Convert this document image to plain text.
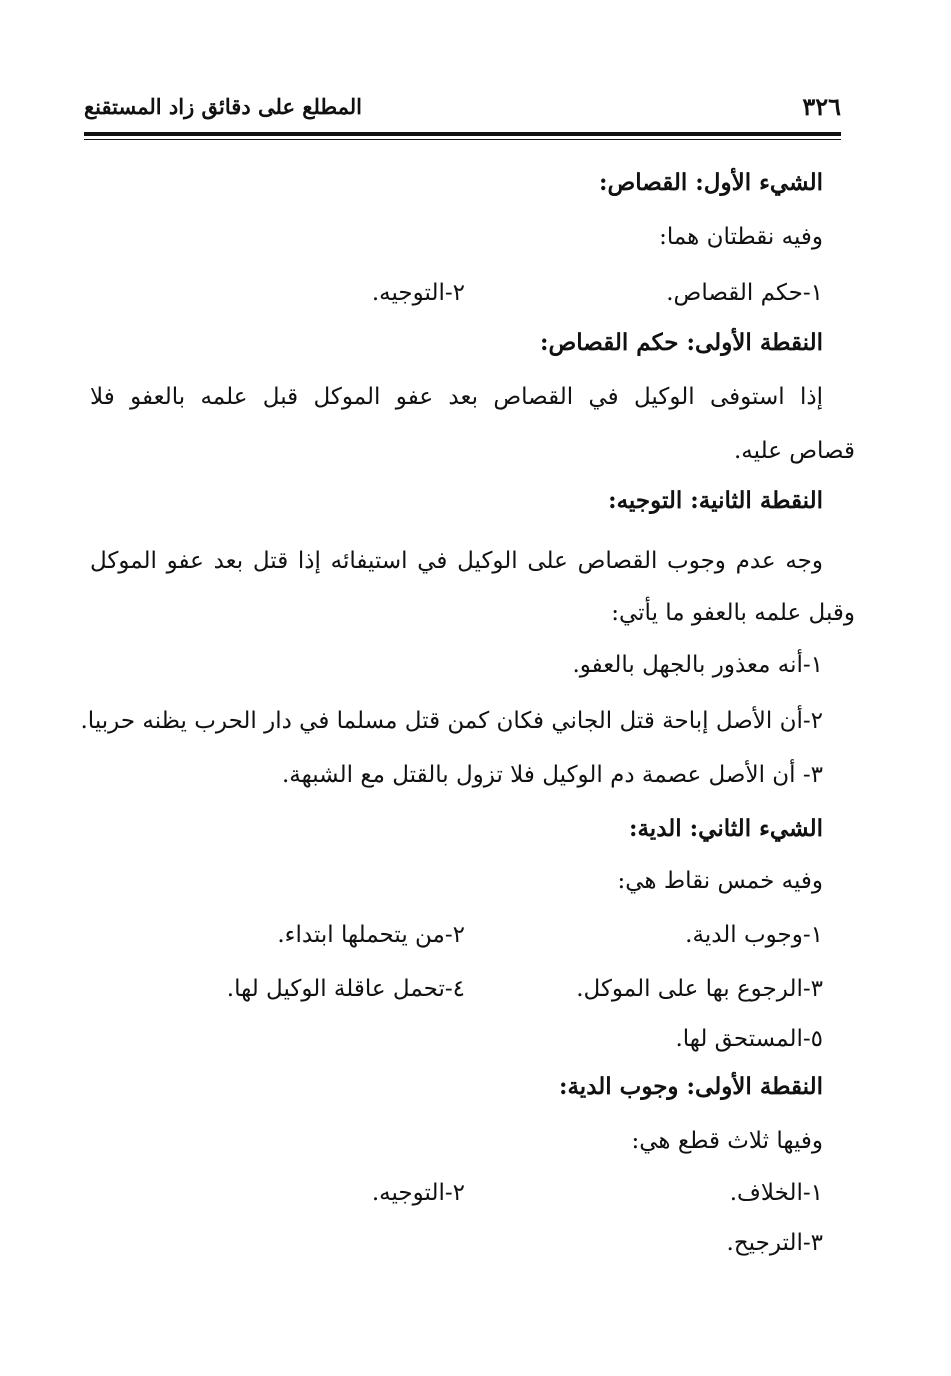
٣٢٦
المطلع على دقائق زاد المستقنع
الشيء الأول: القصاص:
وفيه نقطتان هما:
١-حكم القصاص.
٢-التوجيه.
النقطة الأولى: حكم القصاص:
إذا استوفى الوكيل في القصاص بعد عفو الموكل قبل علمه بالعفو فلا
قصاص عليه.
النقطة الثانية: التوجيه:
وجه عدم وجوب القصاص على الوكيل في استيفائه إذا قتل بعد عفو الموكل
وقبل علمه بالعفو ما يأتي:
١-أنه معذور بالجهل بالعفو.
٢-أن الأصل إباحة قتل الجاني فكان كمن قتل مسلما في دار الحرب يظنه حربيا.
٣- أن الأصل عصمة دم الوكيل فلا تزول بالقتل مع الشبهة.
الشيء الثاني: الدية:
وفيه خمس نقاط هي:
١-وجوب الدية.
٢-من يتحملها ابتداء.
٣-الرجوع بها على الموكل.
٤-تحمل عاقلة الوكيل لها.
٥-المستحق لها.
النقطة الأولى: وجوب الدية:
وفيها ثلاث قطع هي:
١-الخلاف.
٢-التوجيه.
٣-الترجيح.
